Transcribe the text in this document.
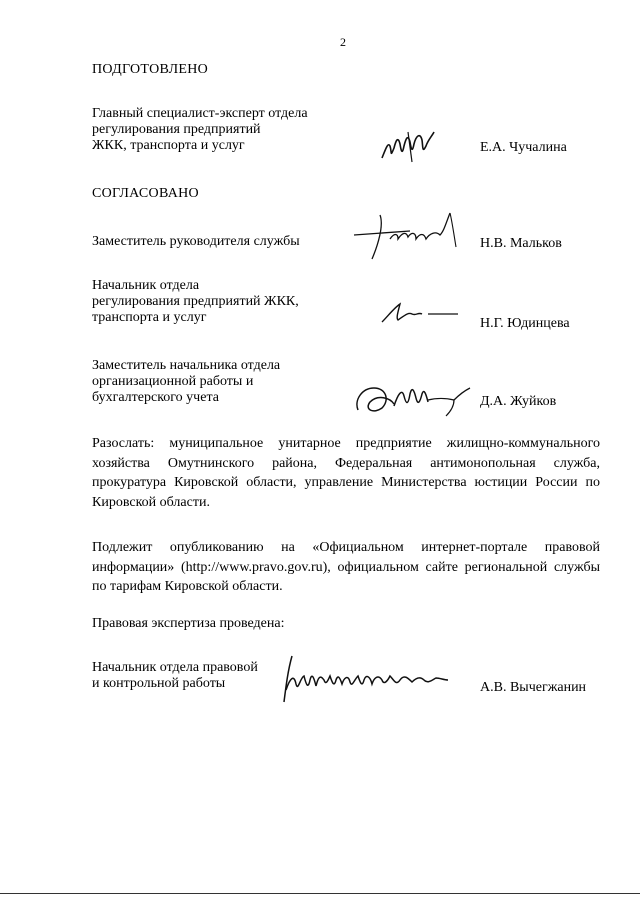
2
ПОДГОТОВЛЕНО
Главный специалист-эксперт отдела
регулирования предприятий
ЖКК, транспорта и услуг	Е.А. Чучалина
СОГЛАСОВАНО
Заместитель руководителя службы	Н.В. Мальков
Начальник отдела
регулирования предприятий ЖКК,
транспорта и услуг	Н.Г. Юдинцева
Заместитель начальника отдела
организационной работы и
бухгалтерского учета	Д.А. Жуйков
Разослать: муниципальное унитарное предприятие жилищно-коммунального хозяйства Омутнинского района, Федеральная антимонопольная служба, прокуратура Кировской области, управление Министерства юстиции России по Кировской области.
Подлежит опубликованию на «Официальном интернет-портале правовой информации» (http://www.pravo.gov.ru), официальном сайте региональной службы по тарифам Кировской области.
Правовая экспертиза проведена:
Начальник отдела правовой
и контрольной работы	А.В. Вычегжанин
